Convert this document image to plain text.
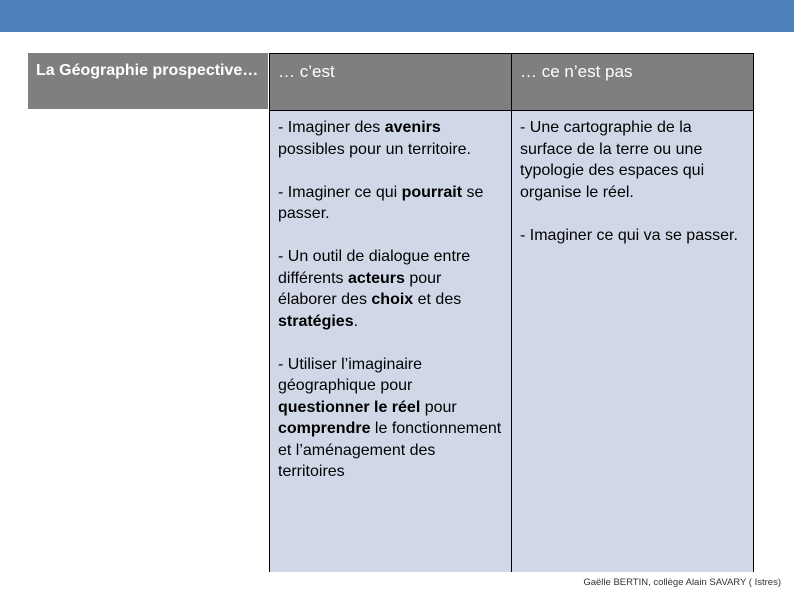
La Géographie prospective…	… c’est	… ce n’est pas
- Imaginer des avenirs possibles pour un territoire.
- Imaginer ce qui pourrait se passer.
- Un outil de dialogue entre différents acteurs pour élaborer des choix et des stratégies.
- Utiliser l’imaginaire géographique pour questionner le réel pour comprendre le fonctionnement et l’aménagement des territoires
- Une cartographie de la surface de la terre ou une typologie des espaces qui organise le réel.
- Imaginer ce qui va se passer.
Gaëlle BERTIN, collège Alain SAVARY ( Istres)
